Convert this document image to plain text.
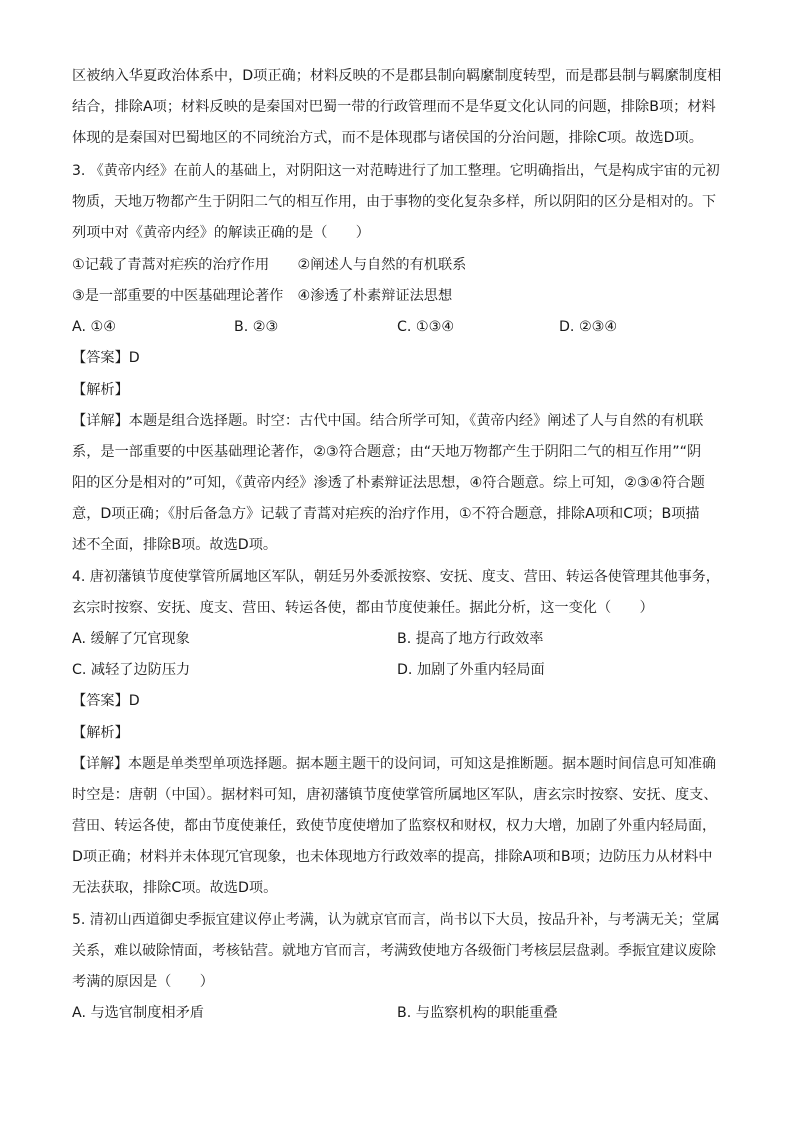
区被纳入华夏政治体系中，D项正确；材料反映的不是郡县制向羁縻制度转型，而是郡县制与羁縻制度相
结合，排除A项；材料反映的是秦国对巴蜀一带的行政管理而不是华夏文化认同的问题，排除B项；材料
体现的是秦国对巴蜀地区的不同统治方式，而不是体现郡与诸侯国的分治问题，排除C项。故选D项。
3. 《黄帝内经》在前人的基础上，对阴阳这一对范畴进行了加工整理。它明确指出，气是构成宇宙的元初
物质，天地万物都产生于阴阳二气的相互作用，由于事物的变化复杂多样，所以阴阳的区分是相对的。下
列项中对《黄帝内经》的解读正确的是（　　）
①记载了青蒿对疟疾的治疗作用　　②阐述人与自然的有机联系
③是一部重要的中医基础理论著作　④渗透了朴素辩证法思想
A. ①④	B. ②③	C. ①③④	D. ②③④
【答案】D
【解析】
【详解】本题是组合选择题。时空：古代中国。结合所学可知，《黄帝内经》阐述了人与自然的有机联
系，是一部重要的中医基础理论著作，②③符合题意；由“天地万物都产生于阴阳二气的相互作用”“阴
阳的区分是相对的”可知，《黄帝内经》渗透了朴素辩证法思想，④符合题意。综上可知，②③④符合题
意，D项正确；《肘后备急方》记载了青蒿对疟疾的治疗作用，①不符合题意，排除A项和C项；B项描
述不全面，排除B项。故选D项。
4. 唐初藩镇节度使掌管所属地区军队，朝廷另外委派按察、安抚、度支、营田、转运各使管理其他事务，
玄宗时按察、安抚、度支、营田、转运各使，都由节度使兼任。据此分析，这一变化（　　）
A. 缓解了冗官现象	B. 提高了地方行政效率
C. 减轻了边防压力	D. 加剧了外重内轻局面
【答案】D
【解析】
【详解】本题是单类型单项选择题。据本题主题干的设问词，可知这是推断题。据本题时间信息可知准确
时空是：唐朝（中国）。据材料可知，唐初藩镇节度使掌管所属地区军队，唐玄宗时按察、安抚、度支、
营田、转运各使，都由节度使兼任，致使节度使增加了监察权和财权，权力大增，加剧了外重内轻局面，
D项正确；材料并未体现冗官现象，也未体现地方行政效率的提高，排除A项和B项；边防压力从材料中
无法获取，排除C项。故选D项。
5. 清初山西道御史季振宜建议停止考满，认为就京官而言，尚书以下大员，按品升补，与考满无关；堂属
关系，难以破除情面，考核钻营。就地方官而言，考满致使地方各级衙门考核层层盘剥。季振宜建议废除
考满的原因是（　　）
A. 与选官制度相矛盾	B. 与监察机构的职能重叠
